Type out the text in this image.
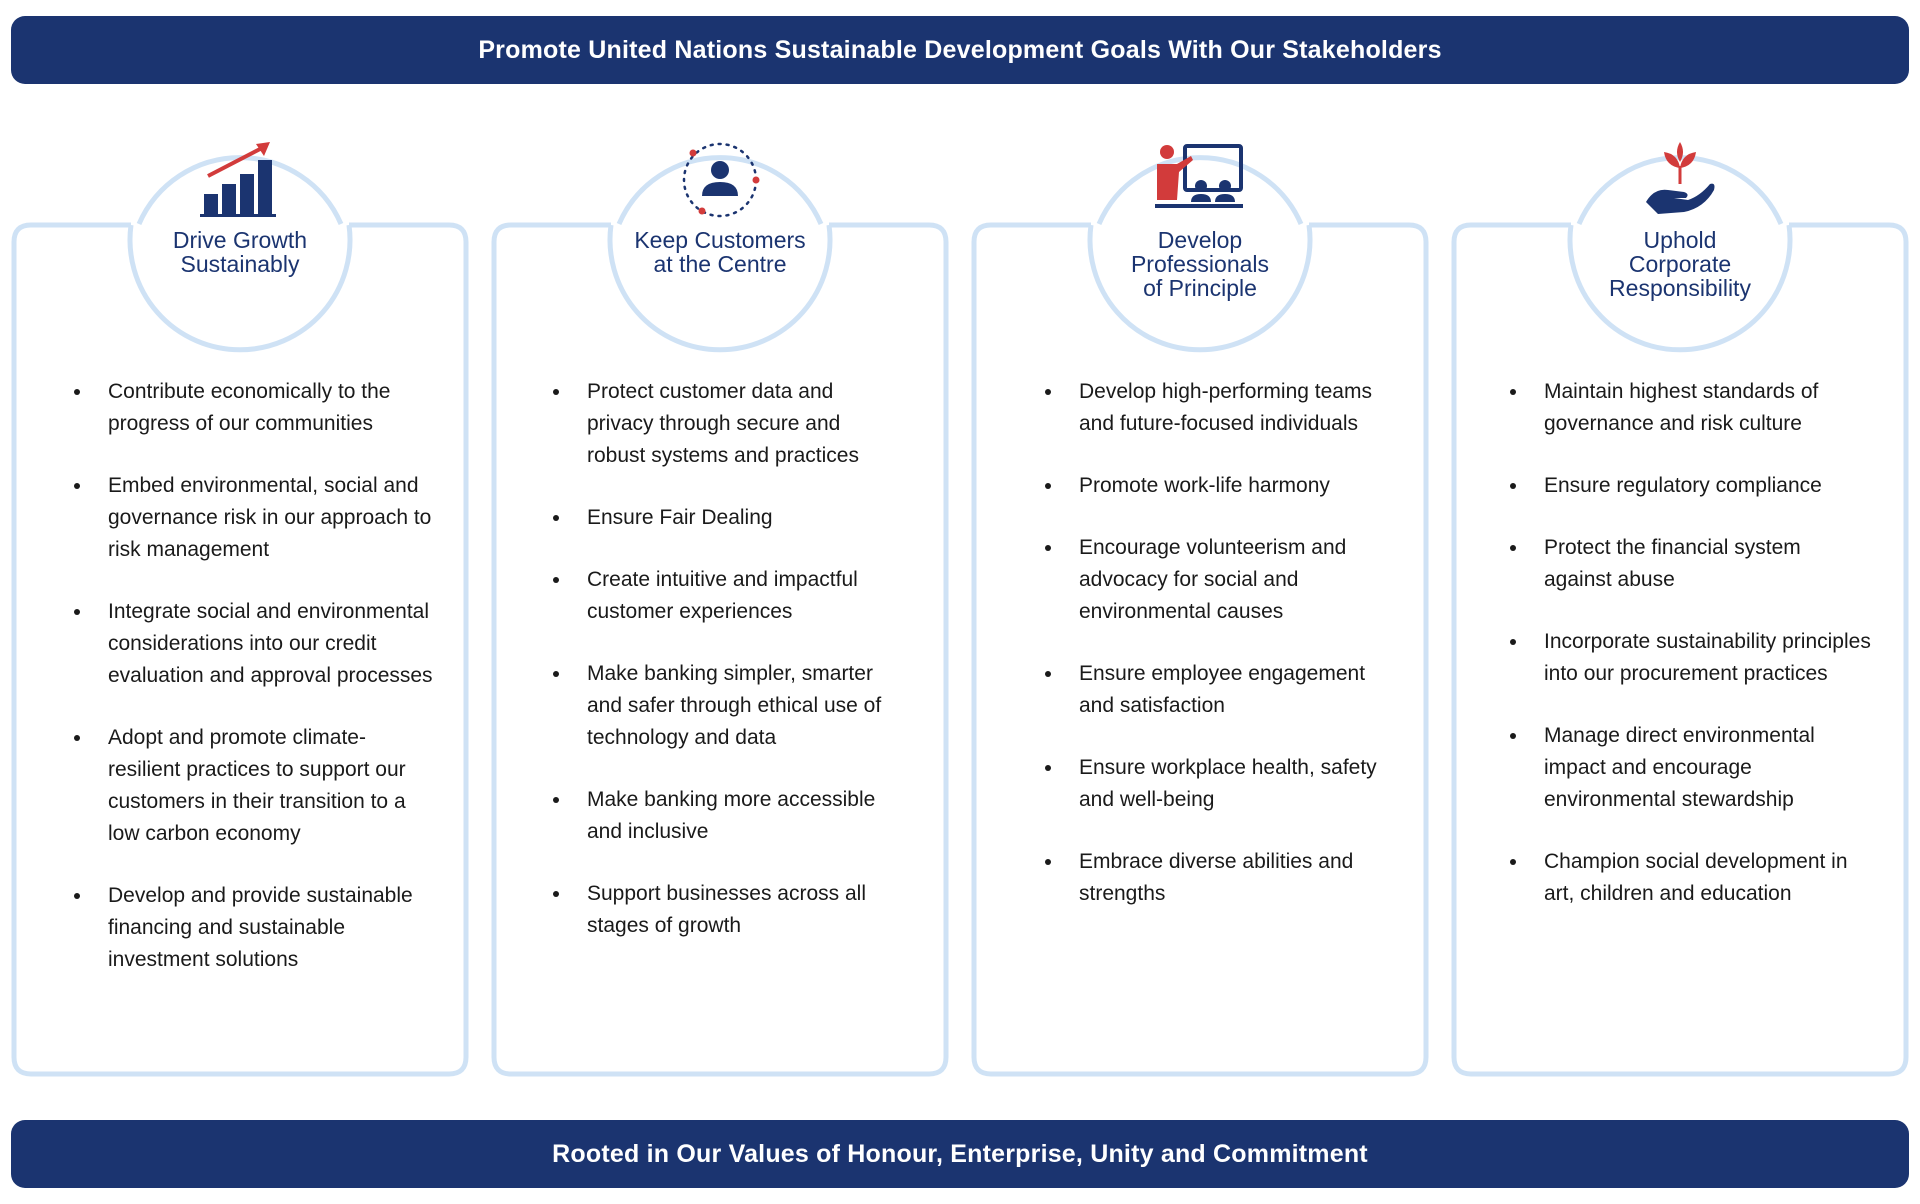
Promote United Nations Sustainable Development Goals With Our Stakeholders
Drive Growth
Sustainably
Contribute economically to the progress of our communities
Embed environmental, social and governance risk in our approach to risk management
Integrate social and environmental considerations into our credit evaluation and approval processes
Adopt and promote climate-resilient practices to support our customers in their transition to a low carbon economy
Develop and provide sustainable financing and sustainable investment solutions
Keep Customers
at the Centre
Protect customer data and privacy through secure and robust systems and practices
Ensure Fair Dealing
Create intuitive and impactful customer experiences
Make banking simpler, smarter and safer through ethical use of technology and data
Make banking more accessible and inclusive
Support businesses across all stages of growth
Develop
Professionals
of Principle
Develop high-performing teams and future-focused individuals
Promote work-life harmony
Encourage volunteerism and advocacy for social and environmental causes
Ensure employee engagement and satisfaction
Ensure workplace health, safety and well-being
Embrace diverse abilities and strengths
Uphold
Corporate
Responsibility
Maintain highest standards of governance and risk culture
Ensure regulatory compliance
Protect the financial system against abuse
Incorporate sustainability principles into our procurement practices
Manage direct environmental impact and encourage environmental stewardship
Champion social development in art, children and education
Rooted in Our Values of Honour, Enterprise, Unity and Commitment
